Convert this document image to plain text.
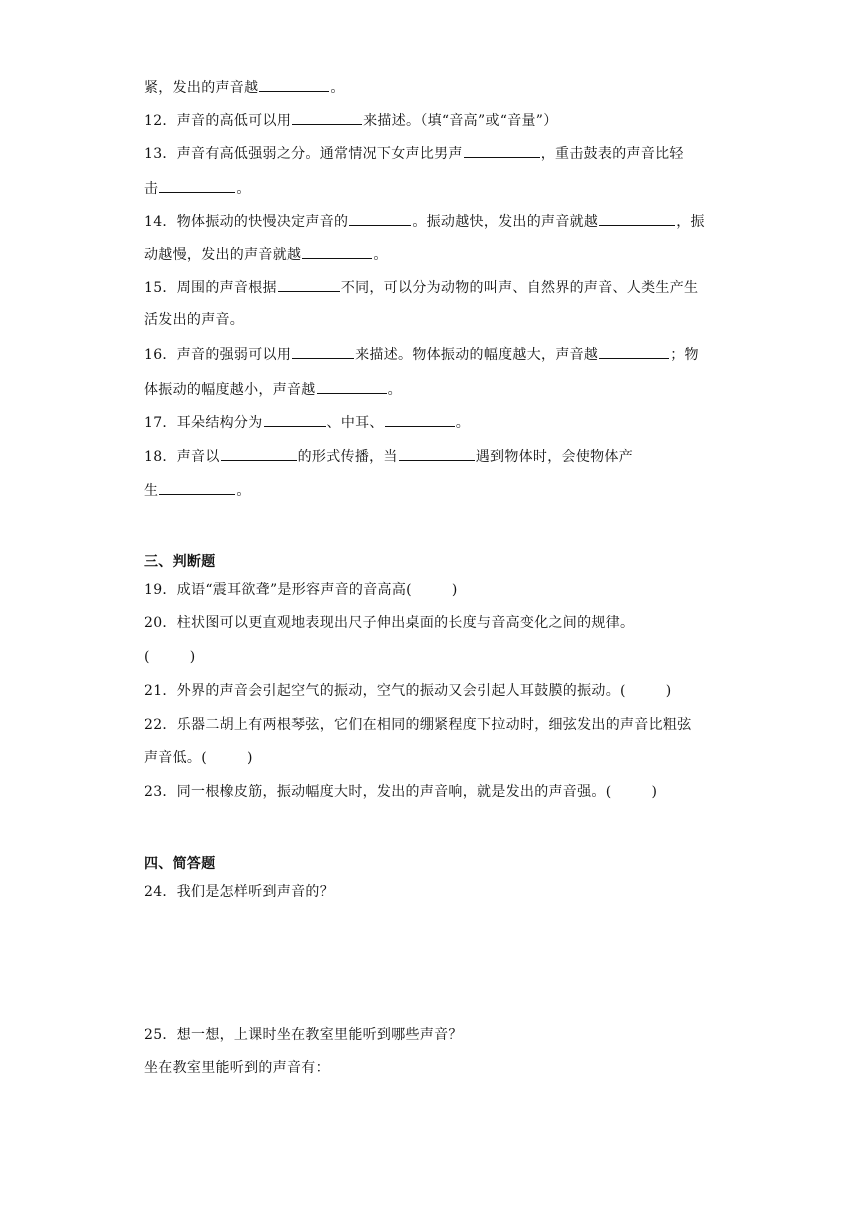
紧，发出的声音越	。
12．声音的高低可以用	来描述。（填“音高”或“音量”）
13．声音有高低强弱之分。通常情况下女声比男声	，重击鼓表的声音比轻
击	。
14．物体振动的快慢决定声音的	。振动越快，发出的声音就越	，振
动越慢，发出的声音就越	。
15．周围的声音根据	不同，可以分为动物的叫声、自然界的声音、人类生产生
活发出的声音。
16．声音的强弱可以用	来描述。物体振动的幅度越大，声音越	；物
体振动的幅度越小，声音越	。
17．耳朵结构分为	、中耳、	。
18．声音以	的形式传播，当	遇到物体时，会使物体产
生	。
三、判断题
19．成语“震耳欲聋”是形容声音的音高高(	)
20．柱状图可以更直观地表现出尺子伸出桌面的长度与音高变化之间的规律。
(	)
21．外界的声音会引起空气的振动，空气的振动又会引起人耳鼓膜的振动。(	)
22．乐器二胡上有两根琴弦，它们在相同的绷紧程度下拉动时，细弦发出的声音比粗弦
声音低。(	)
23．同一根橡皮筋，振动幅度大时，发出的声音响，就是发出的声音强。(	)
四、简答题
24．我们是怎样听到声音的？
25．想一想，上课时坐在教室里能听到哪些声音？
坐在教室里能听到的声音有：
